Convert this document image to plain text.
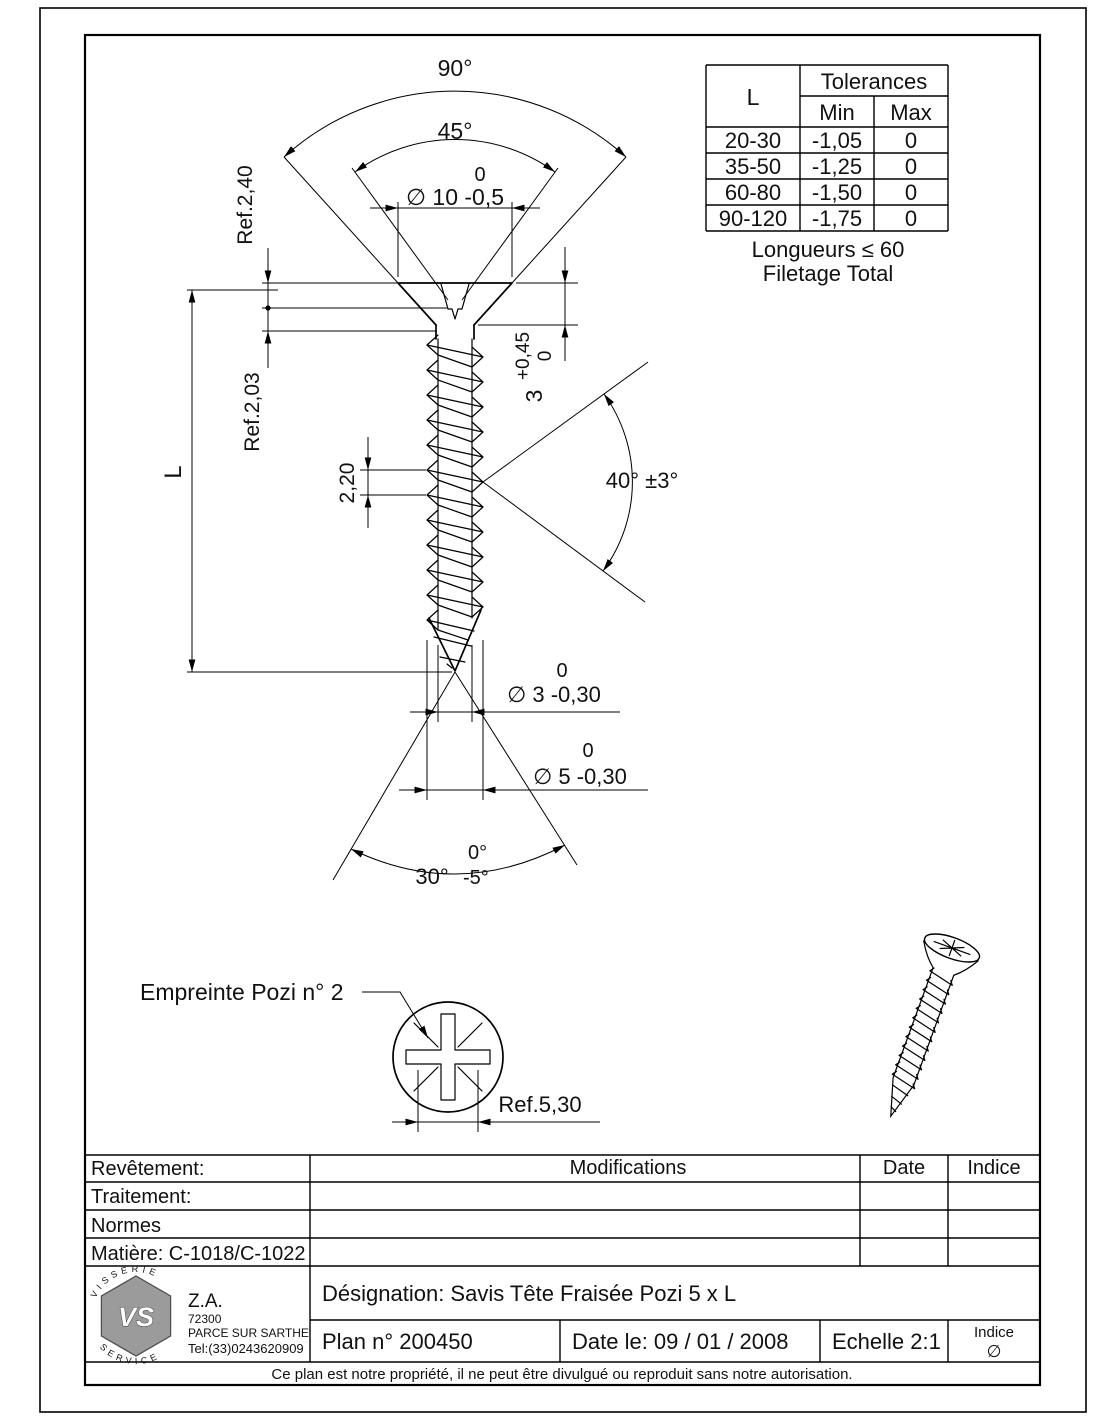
L
Tolerances
Min Max
20-30 -1,05 0
35-50 -1,25 0
60-80 -1,50 0
90-120 -1,75 0
Longueurs ≤ 60
Filetage Total
90°
45°
0
∅ 10 -0,5
Ref.2,40
Ref.2,03
L	2,20
+0,45 0
3
40° ±3°
0
∅ 3 -0,30
0
∅ 5 -0,30
0°
30° -5°
Empreinte Pozi n° 2
Ref.5,30
Revêtement:
Traitement:
Normes
Matière: C-1018/C-1022
Modifications	Date Indice
Désignation: Savis Tête Fraisée Pozi 5 x L
Plan n° 200450	Date le: 09 / 01 / 2008 Echelle 2:1 Indice
∅
Ce plan est notre propriété, il ne peut être divulgué ou reproduit sans notre autorisation.
VS
VISSERIE
SERVICE
Z.A.
72300
PARCE SUR SARTHE
Tel:(33)0243620909
